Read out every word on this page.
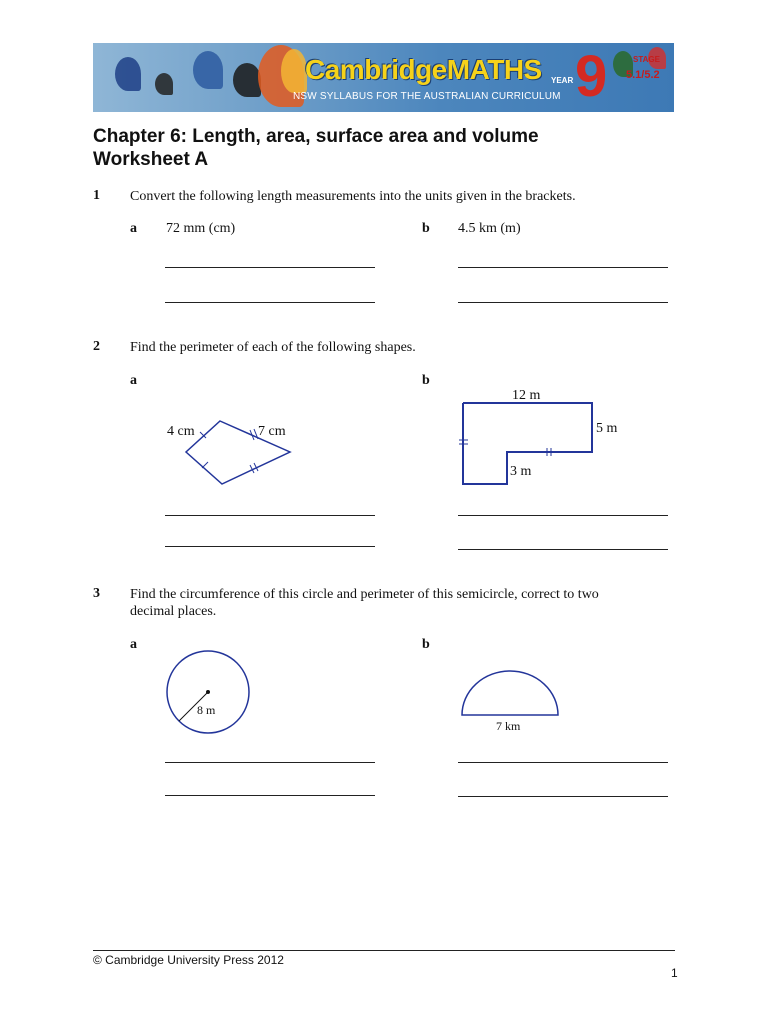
CambridgeMATHS
NSW SYLLABUS FOR THE AUSTRALIAN CURRICULUM
YEAR 9	STAGE
5.1/5.2
Chapter 6: Length, area, surface area and volume
Worksheet A
1 Convert the following length measurements into the units given in the brackets.
a 72 mm (cm)	b 4.5 km (m)
2 Find the perimeter of each of the following shapes.
a	b
4 cm	7 cm
12 m
5 m
3 m
3 Find the circumference of this circle and perimeter of this semicircle, correct to two
decimal places.
a	b
8 m
7 km
© Cambridge University Press 2012
1
